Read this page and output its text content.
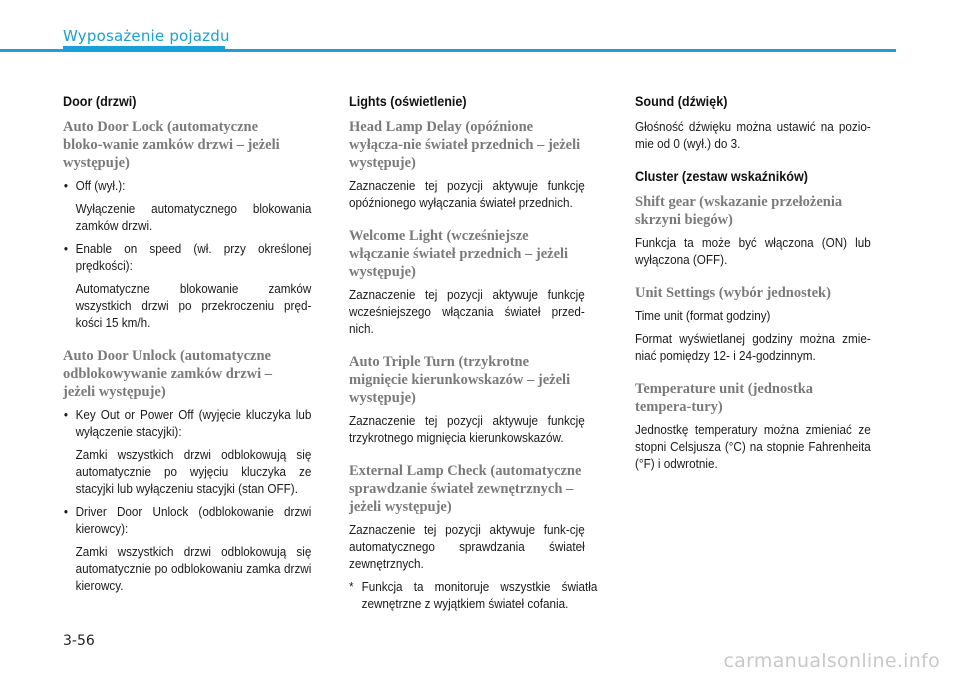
Wyposażenie pojazdu
Door (drzwi)
Auto Door Lock (automatyczne bloko-wanie zamków drzwi – jeżeli występuje)
• Off (wył.):
Wyłączenie automatycznego blokowania zamków drzwi.
• Enable on speed (wł. przy określonej prędkości):
Automatyczne blokowanie zamków wszystkich drzwi po przekroczeniu pręd-kości 15 km/h.
Auto Door Unlock (automatyczne odblokowywanie zamków drzwi – jeżeli występuje)
• Key Out or Power Off (wyjęcie kluczyka lub wyłączenie stacyjki):
Zamki wszystkich drzwi odblokowują się automatycznie po wyjęciu kluczyka ze stacyjki lub wyłączeniu stacyjki (stan OFF).
• Driver Door Unlock (odblokowanie drzwi kierowcy):
Zamki wszystkich drzwi odblokowują się automatycznie po odblokowaniu zamka drzwi kierowcy.
Lights (oświetlenie)
Head Lamp Delay (opóźnione wyłącza-nie świateł przednich – jeżeli występuje)
Zaznaczenie tej pozycji aktywuje funkcję opóźnionego wyłączania świateł przednich.
Welcome Light (wcześniejsze włączanie świateł przednich – jeżeli występuje)
Zaznaczenie tej pozycji aktywuje funkcję wcześniejszego włączania świateł przed-nich.
Auto Triple Turn (trzykrotne mignięcie kierunkowskazów – jeżeli występuje)
Zaznaczenie tej pozycji aktywuje funkcję trzykrotnego mignięcia kierunkowskazów.
External Lamp Check (automatyczne sprawdzanie świateł zewnętrznych – jeżeli występuje)
Zaznaczenie tej pozycji aktywuje funk-cję automatycznego sprawdzania świateł zewnętrznych.
* Funkcja ta monitoruje wszystkie światła zewnętrzne z wyjątkiem świateł cofania.
Sound (dźwięk)
Głośność dźwięku można ustawić na pozio-mie od 0 (wył.) do 3.
Cluster (zestaw wskaźników)
Shift gear (wskazanie przełożenia skrzyni biegów)
Funkcja ta może być włączona (ON) lub wyłączona (OFF).
Unit Settings (wybór jednostek)
Time unit (format godziny)
Format wyświetlanej godziny można zmie-niać pomiędzy 12- i 24-godzinnym.
Temperature unit (jednostka tempera-tury)
Jednostkę temperatury można zmieniać ze stopni Celsjusza (°C) na stopnie Fahrenheita (°F) i odwrotnie.
3-56
carmanualsonline.info
